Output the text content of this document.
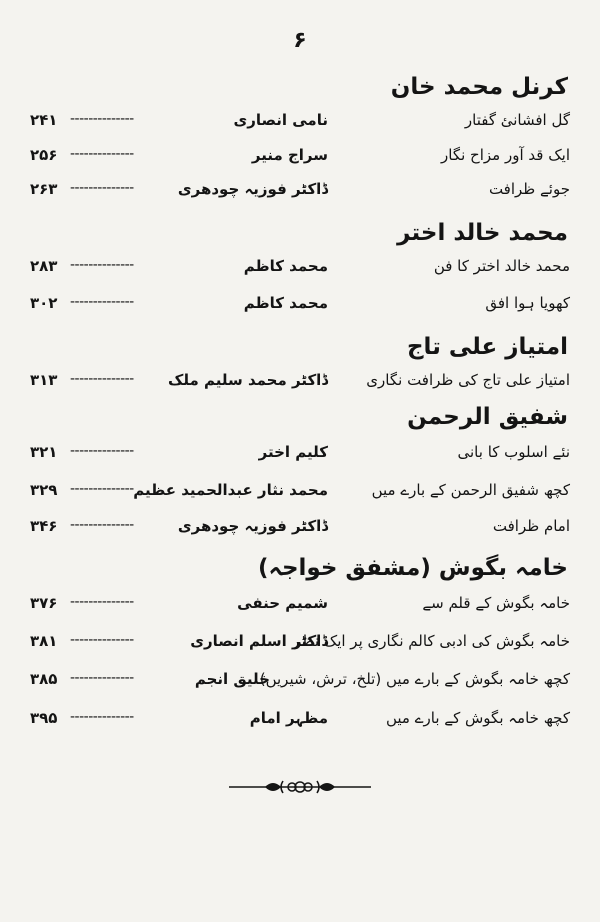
۶
کرنل محمد خان
گل افشانئ گفتار
نامی انصاری
--------------
۲۴۱
ایک قد آور مزاح نگار
سراج منیر
--------------
۲۵۶
جوئے ظرافت
ڈاکٹر فوزیہ چودھری
--------------
۲۶۳
محمد خالد اختر
محمد خالد اختر کا فن
محمد کاظم
--------------
۲۸۳
کھویا ہوا افق
محمد کاظم
--------------
۳۰۲
امتیاز علی تاج
امتیاز علی تاج کی ظرافت نگاری
ڈاکٹر محمد سلیم ملک
--------------
۳۱۳
شفیق الرحمن
نئے اسلوب کا بانی
کلیم اختر
--------------
۳۲۱
کچھ شفیق الرحمن کے بارے میں
محمد نثار عبدالحمید عظیم
--------------
۳۲۹
امام ظرافت
ڈاکٹر فوزیہ چودھری
--------------
۳۴۶
خامہ بگوش (مشفق خواجہ)
خامہ بگوش کے قلم سے
شمیم حنفی
--------------
۳۷۶
خامہ بگوش کی ادبی کالم نگاری پر ایک نظر
ڈاکٹر اسلم انصاری
--------------
۳۸۱
کچھ خامہ بگوش کے بارے میں (تلخ، ترش، شیریں)
خلیق انجم
--------------
۳۸۵
کچھ خامہ بگوش کے بارے میں
مظہر امام
--------------
۳۹۵
